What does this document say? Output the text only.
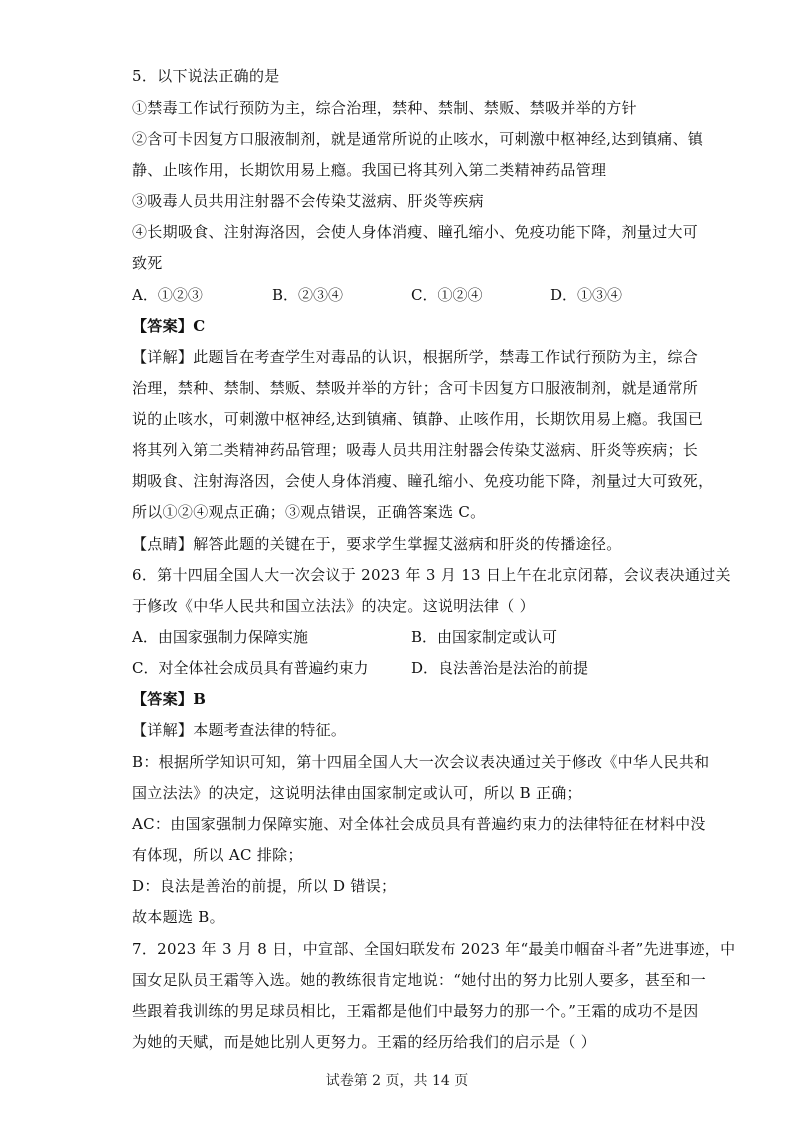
5．以下说法正确的是
①禁毒工作试行预防为主，综合治理，禁种、禁制、禁贩、禁吸并举的方针
②含可卡因复方口服液制剂，就是通常所说的止咳水，可刺激中枢神经,达到镇痛、镇
静、止咳作用，长期饮用易上瘾。我国已将其列入第二类精神药品管理
③吸毒人员共用注射器不会传染艾滋病、肝炎等疾病
④长期吸食、注射海洛因，会使人身体消瘦、瞳孔缩小、免疫功能下降，剂量过大可
致死
A．①②③	B．②③④	C．①②④	D．①③④
【答案】C
【详解】此题旨在考查学生对毒品的认识，根据所学，禁毒工作试行预防为主，综合
治理，禁种、禁制、禁贩、禁吸并举的方针；含可卡因复方口服液制剂，就是通常所
说的止咳水，可刺激中枢神经,达到镇痛、镇静、止咳作用，长期饮用易上瘾。我国已
将其列入第二类精神药品管理；吸毒人员共用注射器会传染艾滋病、肝炎等疾病；长
期吸食、注射海洛因，会使人身体消瘦、瞳孔缩小、免疫功能下降，剂量过大可致死，
所以①②④观点正确；③观点错误，正确答案选 C。
【点睛】解答此题的关键在于，要求学生掌握艾滋病和肝炎的传播途径。
6．第十四届全国人大一次会议于 2023 年 3 月 13 日上午在北京闭幕，会议表决通过关
于修改《中华人民共和国立法法》的决定。这说明法律（ ）
A．由国家强制力保障实施	B．由国家制定或认可
C．对全体社会成员具有普遍约束力	D．良法善治是法治的前提
【答案】B
【详解】本题考查法律的特征。
B：根据所学知识可知，第十四届全国人大一次会议表决通过关于修改《中华人民共和
国立法法》的决定，这说明法律由国家制定或认可，所以 B 正确；
AC：由国家强制力保障实施、对全体社会成员具有普遍约束力的法律特征在材料中没
有体现，所以 AC 排除；
D：良法是善治的前提，所以 D 错误；
故本题选 B。
7．2023 年 3 月 8 日，中宣部、全国妇联发布 2023 年“最美巾帼奋斗者”先进事迹，中
国女足队员王霜等入选。她的教练很肯定地说：“她付出的努力比别人要多，甚至和一
些跟着我训练的男足球员相比，王霜都是他们中最努力的那一个。”王霜的成功不是因
为她的天赋，而是她比别人更努力。王霜的经历给我们的启示是（ ）
试卷第 2 页，共 14 页
